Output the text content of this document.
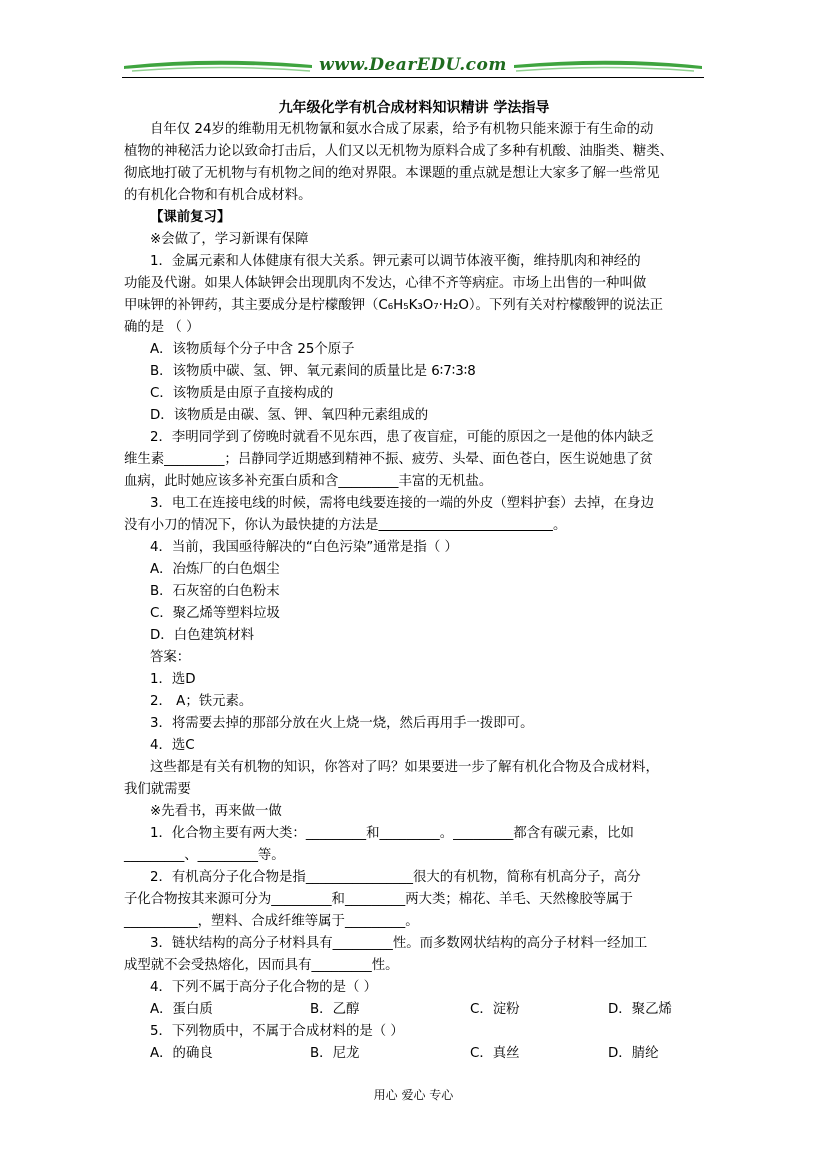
www.DearEDU.com
九年级化学有机合成材料知识精讲 学法指导
自年仅 24岁的维勒用无机物氰和氨水合成了尿素，给予有机物只能来源于有生命的动
植物的神秘活力论以致命打击后，人们又以无机物为原料合成了多种有机酸、油脂类、糖类、
彻底地打破了无机物与有机物之间的绝对界限。本课题的重点就是想让大家多了解一些常见
的有机化合物和有机合成材料。
【课前复习】
※会做了，学习新课有保障
1．金属元素和人体健康有很大关系。钾元素可以调节体液平衡，维持肌肉和神经的
功能及代谢。如果人体缺钾会出现肌肉不发达，心律不齐等病症。市场上出售的一种叫做
甲味钾的补钾药，其主要成分是柠檬酸钾（C₆H₅K₃O₇·H₂O）。下列有关对柠檬酸钾的说法正
确的是 （ ）
A．该物质每个分子中含 25个原子
B．该物质中碳、氢、钾、氧元素间的质量比是 6∶7∶3∶8
C．该物质是由原子直接构成的
D．该物质是由碳、氢、钾、氧四种元素组成的
2．李明同学到了傍晚时就看不见东西，患了夜盲症，可能的原因之一是他的体内缺乏
维生素_________；吕静同学近期感到精神不振、疲劳、头晕、面色苍白，医生说她患了贫
血病，此时她应该多补充蛋白质和含_________丰富的无机盐。
3．电工在连接电线的时候，需将电线要连接的一端的外皮（塑料护套）去掉，在身边
没有小刀的情况下，你认为最快捷的方法是	。
4．当前，我国亟待解决的“白色污染”通常是指（ ）
A．冶炼厂的白色烟尘
B．石灰窑的白色粉末
C．聚乙烯等塑料垃圾
D．白色建筑材料
答案：
1．选D
2． A；铁元素。
3．将需要去掉的那部分放在火上烧一烧，然后再用手一拨即可。
4．选C
这些都是有关有机物的知识，你答对了吗？如果要进一步了解有机化合物及合成材料，
我们就需要
※先看书，再来做一做
1．化合物主要有两大类：_________和_________。_________都含有碳元素，比如
_________、_________等。
2．有机高分子化合物是指________________很大的有机物，简称有机高分子，高分
子化合物按其来源可分为_________和_________两大类；棉花、羊毛、天然橡胶等属于
___________，塑料、合成纤维等属于_________。
3．链状结构的高分子材料具有_________性。而多数网状结构的高分子材料一经加工
成型就不会受热熔化，因而具有_________性。
4．下列不属于高分子化合物的是（ ）
A．蛋白质	B．乙醇	C．淀粉	D．聚乙烯
5．下列物质中，不属于合成材料的是（ ）
A．的确良	B．尼龙	C．真丝	D．腈纶
用心 爱心 专心
